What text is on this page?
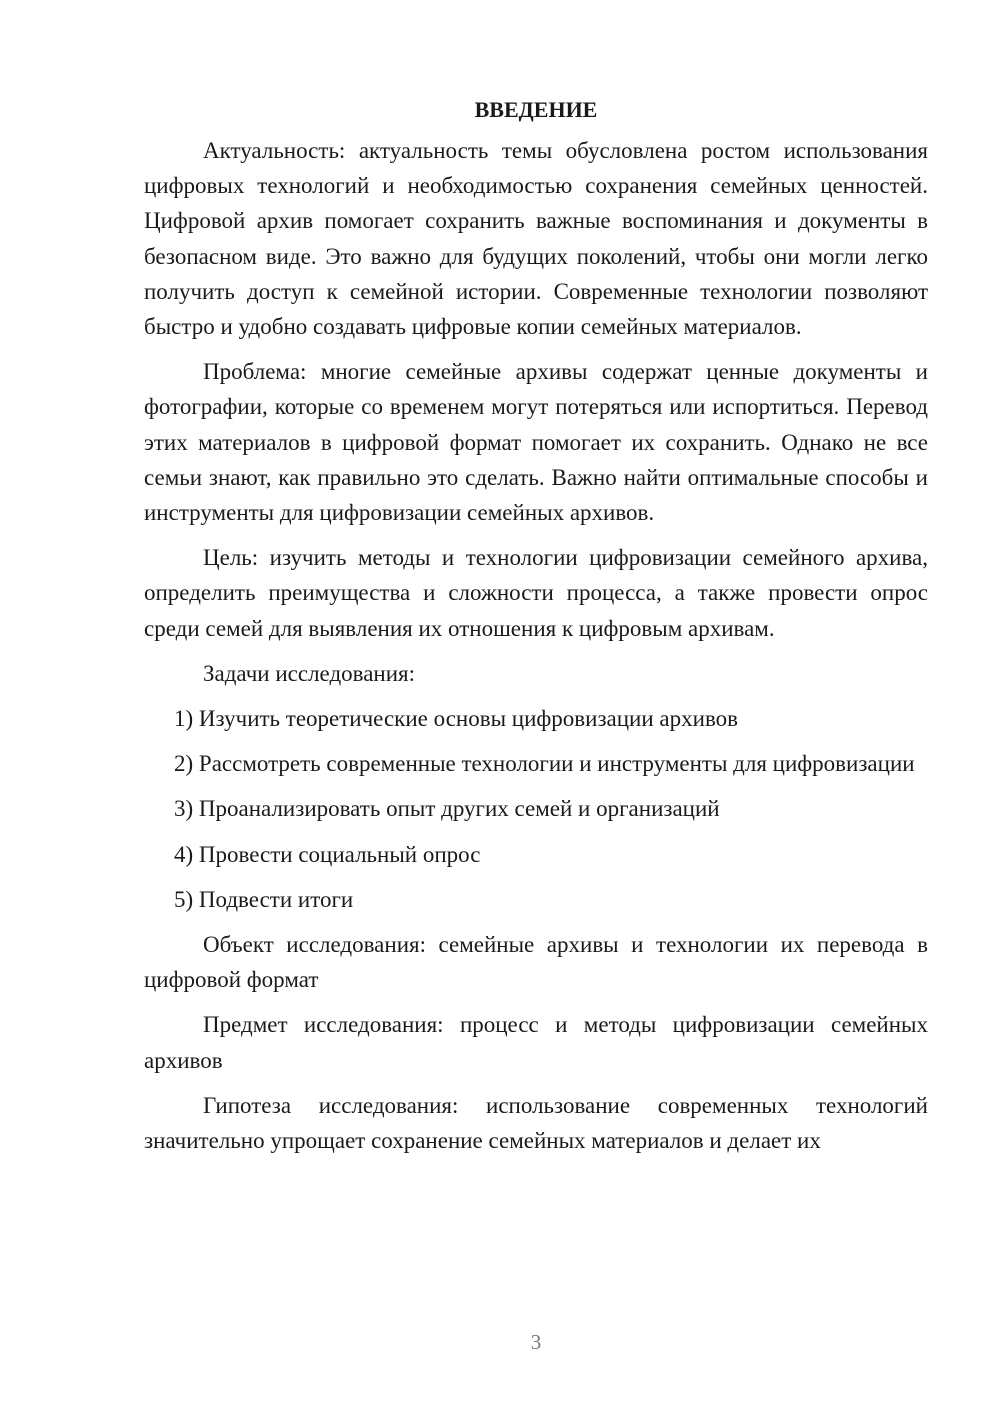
ВВЕДЕНИЕ

Актуальность: актуальность темы обусловлена ростом использования цифровых технологий и необходимостью сохранения семейных ценностей. Цифровой архив помогает сохранить важные воспоминания и документы в безопасном виде. Это важно для будущих поколений, чтобы они могли легко получить доступ к семейной истории. Современные технологии позволяют быстро и удобно создавать цифровые копии семейных материалов.

Проблема: многие семейные архивы содержат ценные документы и фотографии, которые со временем могут потеряться или испортиться. Перевод этих материалов в цифровой формат помогает их сохранить. Однако не все семьи знают, как правильно это сделать. Важно найти оптимальные способы и инструменты для цифровизации семейных архивов.

Цель: изучить методы и технологии цифровизации семейного архива, определить преимущества и сложности процесса, а также провести опрос среди семей для выявления их отношения к цифровым архивам.

Задачи исследования:

1) Изучить теоретические основы цифровизации архивов

2) Рассмотреть современные технологии и инструменты для цифровизации

3) Проанализировать опыт других семей и организаций

4) Провести социальный опрос

5) Подвести итоги

Объект исследования: семейные архивы и технологии их перевода в цифровой формат

Предмет исследования: процесс и методы цифровизации семейных архивов

Гипотеза исследования: использование современных технологий значительно упрощает сохранение семейных материалов и делает их

3
